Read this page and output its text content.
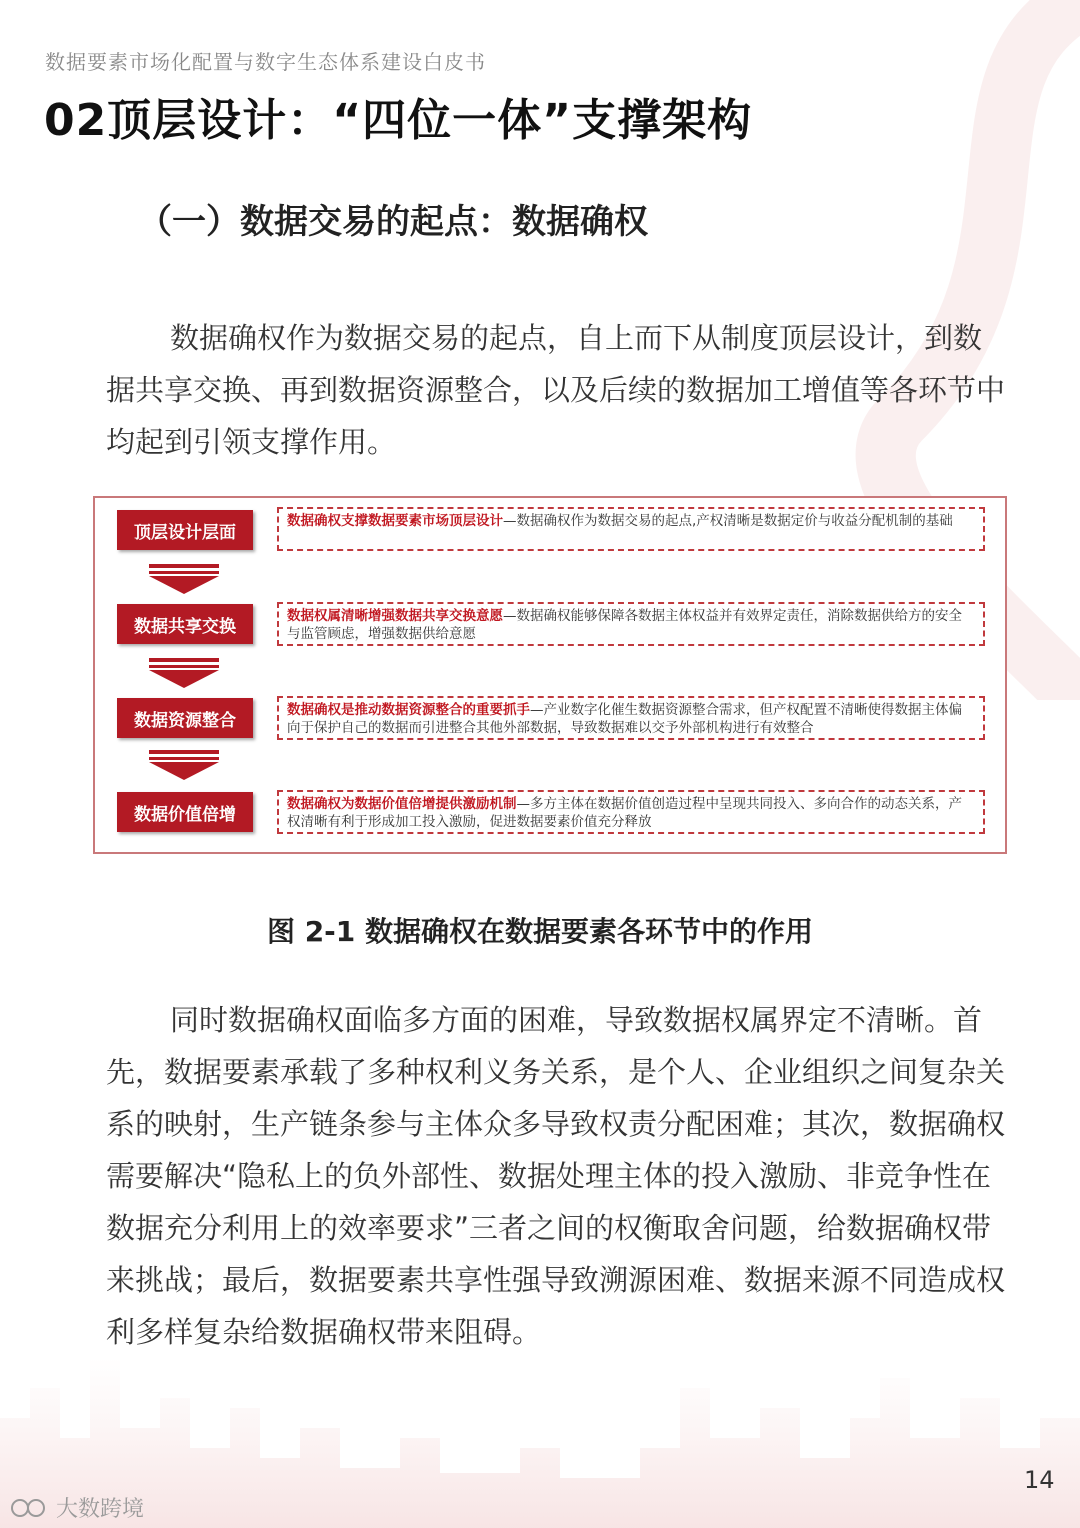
数据要素市场化配置与数字生态体系建设白皮书
02顶层设计：“四位一体”支撑架构
（一）数据交易的起点：数据确权

数据确权作为数据交易的起点，自上而下从制度顶层设计，到数据共享交换、再到数据资源整合，以及后续的数据加工增值等各环节中均起到引领支撑作用。

顶层设计层面
数据确权支撑数据要素市场顶层设计—数据确权作为数据交易的起点,产权清晰是数据定价与收益分配机制的基础
数据共享交换
数据权属清晰增强数据共享交换意愿—数据确权能够保障各数据主体权益并有效界定责任，消除数据供给方的安全与监管顾虑，增强数据供给意愿
数据资源整合
数据确权是推动数据资源整合的重要抓手—产业数字化催生数据资源整合需求，但产权配置不清晰使得数据主体偏向于保护自己的数据而引进整合其他外部数据，导致数据难以交予外部机构进行有效整合
数据价值倍增
数据确权为数据价值倍增提供激励机制—多方主体在数据价值创造过程中呈现共同投入、多向合作的动态关系，产权清晰有利于形成加工投入激励，促进数据要素价值充分释放
图 2-1 数据确权在数据要素各环节中的作用

同时数据确权面临多方面的困难，导致数据权属界定不清晰。首先，数据要素承载了多种权利义务关系，是个人、企业组织之间复杂关系的映射，生产链条参与主体众多导致权责分配困难；其次，数据确权需要解决“隐私上的负外部性、数据处理主体的投入激励、非竞争性在数据充分利用上的效率要求”三者之间的权衡取舍问题，给数据确权带来挑战；最后，数据要素共享性强导致溯源困难、数据来源不同造成权利多样复杂给数据确权带来阻碍。

14
大数跨境
